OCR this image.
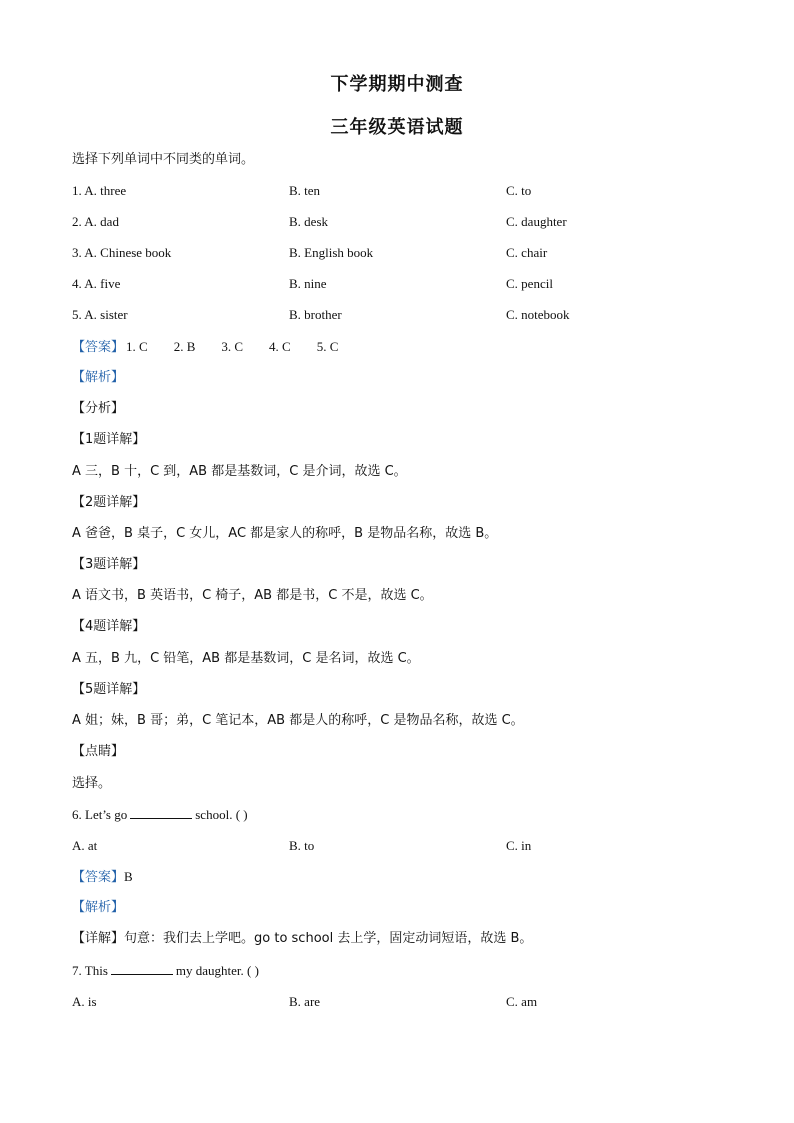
下学期期中测查
三年级英语试题
选择下列单词中不同类的单词。
1. A. three	B. ten	C. to
2. A. dad	B. desk	C. daughter
3. A. Chinese book	B. English book	C. chair
4. A. five	B. nine	C. pencil
5. A. sister	B. brother	C. notebook
【答案】 1. C 2. B 3. C 4. C 5. C
【解析】
【分析】
【1题详解】
A 三，B 十，C 到，AB 都是基数词，C 是介词，故选 C。
【2题详解】
A 爸爸，B 桌子，C 女儿，AC 都是家人的称呼，B 是物品名称，故选 B。
【3题详解】
A 语文书，B 英语书，C 椅子，AB 都是书，C 不是，故选 C。
【4题详解】
A 五，B 九，C 铅笔，AB 都是基数词，C 是名词，故选 C。
【5题详解】
A 姐；妹，B 哥；弟，C 笔记本，AB 都是人的称呼，C 是物品名称，故选 C。
【点睛】
选择。
6. Let’s go	school. ( )
A. at	B. to	C. in
【答案】B
【解析】
【详解】句意：我们去上学吧。go to school 去上学，固定动词短语，故选 B。
7. This	my daughter. ( )
A. is	B. are	C. am
